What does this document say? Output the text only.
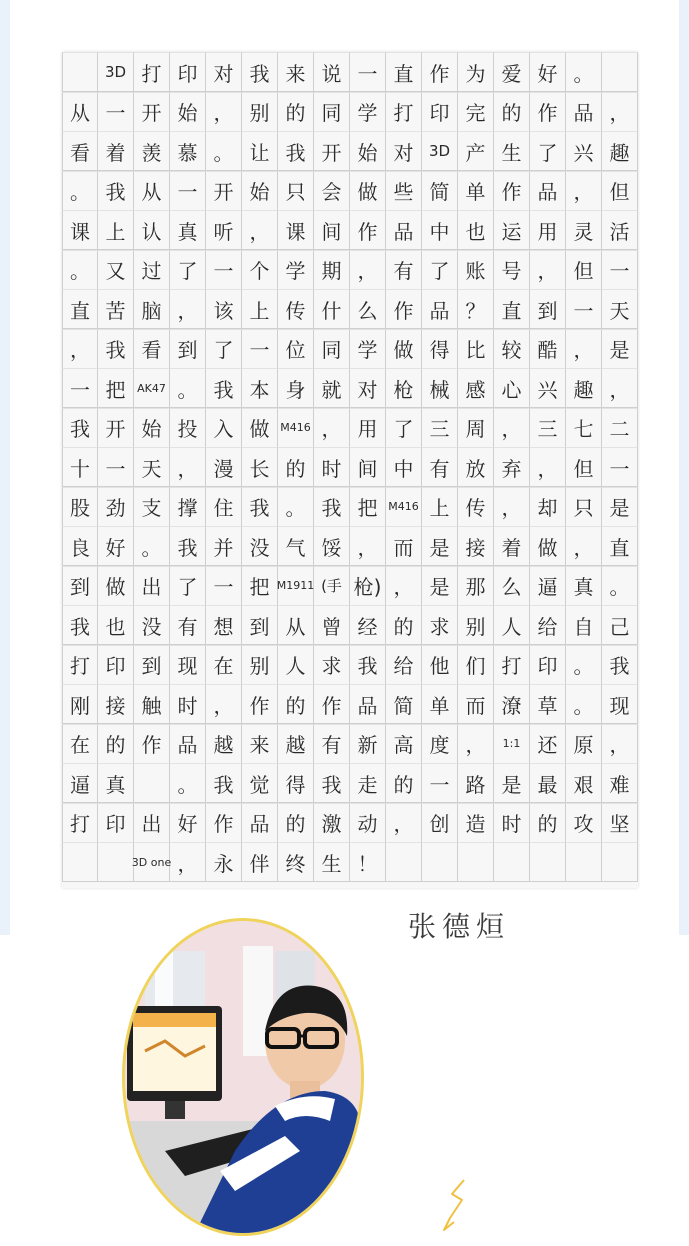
3D 打 印 对 我 来 说 一 直 作 为 爱 好 。
从 一 开 始 ， 别 的 同 学 打 印 完 的 作 品 ，
看 着 羡 慕 。 让 我 开 始 对	3D 产 生 了 兴 趣
。 我 从 一 开 始 只 会 做 些 简 单 作 品 ， 但
课 上 认 真 听 ， 课 间 作 品 中 也 运 用 灵 活
。 又 过 了 一 个 学 期 ， 有 了 账 号 ， 但 一
直 苦 脑 ， 该 上 传 什 么 作 品 ？ 直 到 一 天
， 我 看 到 了 一 位 同 学 做 得 比 较 酷 ， 是
一 把	AK47 。 我 本 身 就 对 枪 械 感 心 兴 趣 ，
我 开 始 投 入 做 M416 ， 用 了 三 周 ， 三 七 二
十 一 天 ， 漫 长 的 时 间 中 有 放 弃 ， 但 一
股 劲 支 撑 住 我 。 我 把 M416 上 传 ， 却 只 是
良 好 。 我 并 没 气 馁 ， 而 是 接 着 做 ， 直
到 做 出 了 一 把 M1911 (手 枪) ， 是 那 么 逼 真 。
我 也 没 有 想 到 从 曾 经 的 求 别 人 给 自 己
打 印 到 现 在 别 人 求 我 给 他 们 打 印 。 我
刚 接 触 时 ， 作 的 作 品 简 单 而 潦 草 。 现
在 的 作 品 越 来 越 有 新 高 度 ，	1:1 还 原 ，
逼 真	。 我 觉 得 我 走 的 一 路 是 最 艰 难
打 印 出 好 作 品 的 激 动 ， 创 造 时 的 攻 坚
3D one ， 永 伴 终 生 ！
张德烜
